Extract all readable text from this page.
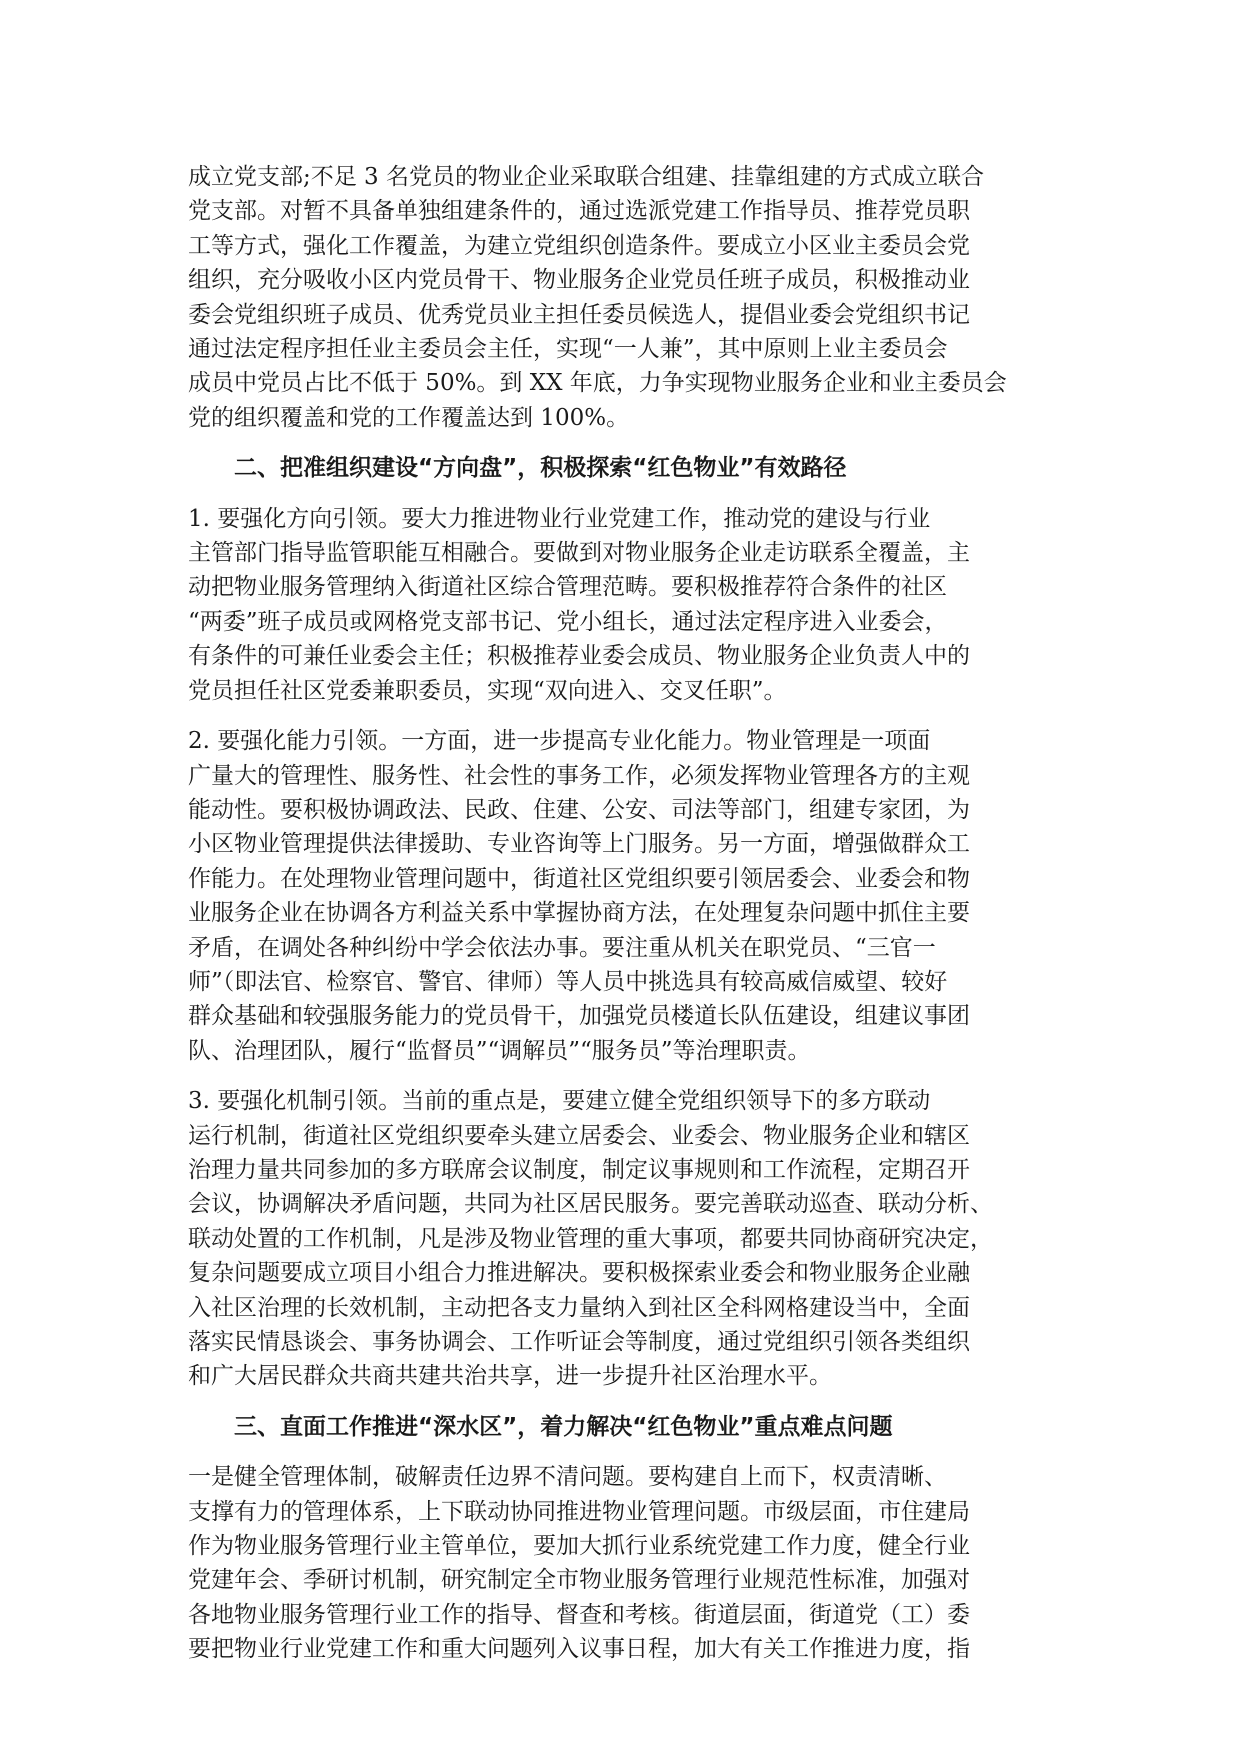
成立党支部;不足 3 名党员的物业企业采取联合组建、挂靠组建的方式成立联合
党支部。对暂不具备单独组建条件的，通过选派党建工作指导员、推荐党员职
工等方式，强化工作覆盖，为建立党组织创造条件。要成立小区业主委员会党
组织，充分吸收小区内党员骨干、物业服务企业党员任班子成员，积极推动业
委会党组织班子成员、优秀党员业主担任委员候选人，提倡业委会党组织书记
通过法定程序担任业主委员会主任，实现“一人兼”，其中原则上业主委员会
成员中党员占比不低于 50%。到 XX 年底，力争实现物业服务企业和业主委员会
党的组织覆盖和党的工作覆盖达到 100%。

二、把准组织建设“方向盘”，积极探索“红色物业”有效路径

1. 要强化方向引领。要大力推进物业行业党建工作，推动党的建设与行业
主管部门指导监管职能互相融合。要做到对物业服务企业走访联系全覆盖，主
动把物业服务管理纳入街道社区综合管理范畴。要积极推荐符合条件的社区
“两委”班子成员或网格党支部书记、党小组长，通过法定程序进入业委会，
有条件的可兼任业委会主任；积极推荐业委会成员、物业服务企业负责人中的
党员担任社区党委兼职委员，实现“双向进入、交叉任职”。

2. 要强化能力引领。一方面，进一步提高专业化能力。物业管理是一项面
广量大的管理性、服务性、社会性的事务工作，必须发挥物业管理各方的主观
能动性。要积极协调政法、民政、住建、公安、司法等部门，组建专家团，为
小区物业管理提供法律援助、专业咨询等上门服务。另一方面，增强做群众工
作能力。在处理物业管理问题中，街道社区党组织要引领居委会、业委会和物
业服务企业在协调各方利益关系中掌握协商方法，在处理复杂问题中抓住主要
矛盾，在调处各种纠纷中学会依法办事。要注重从机关在职党员、“三官一
师”（即法官、检察官、警官、律师）等人员中挑选具有较高威信威望、较好
群众基础和较强服务能力的党员骨干，加强党员楼道长队伍建设，组建议事团
队、治理团队，履行“监督员”“调解员”“服务员”等治理职责。

3. 要强化机制引领。当前的重点是，要建立健全党组织领导下的多方联动
运行机制，街道社区党组织要牵头建立居委会、业委会、物业服务企业和辖区
治理力量共同参加的多方联席会议制度，制定议事规则和工作流程，定期召开
会议，协调解决矛盾问题，共同为社区居民服务。要完善联动巡查、联动分析、
联动处置的工作机制，凡是涉及物业管理的重大事项，都要共同协商研究决定，
复杂问题要成立项目小组合力推进解决。要积极探索业委会和物业服务企业融
入社区治理的长效机制，主动把各支力量纳入到社区全科网格建设当中，全面
落实民情恳谈会、事务协调会、工作听证会等制度，通过党组织引领各类组织
和广大居民群众共商共建共治共享，进一步提升社区治理水平。

三、直面工作推进“深水区”，着力解决“红色物业”重点难点问题

一是健全管理体制，破解责任边界不清问题。要构建自上而下，权责清晰、
支撑有力的管理体系，上下联动协同推进物业管理问题。市级层面，市住建局
作为物业服务管理行业主管单位，要加大抓行业系统党建工作力度，健全行业
党建年会、季研讨机制，研究制定全市物业服务管理行业规范性标准，加强对
各地物业服务管理行业工作的指导、督查和考核。街道层面，街道党（工）委
要把物业行业党建工作和重大问题列入议事日程，加大有关工作推进力度，指
